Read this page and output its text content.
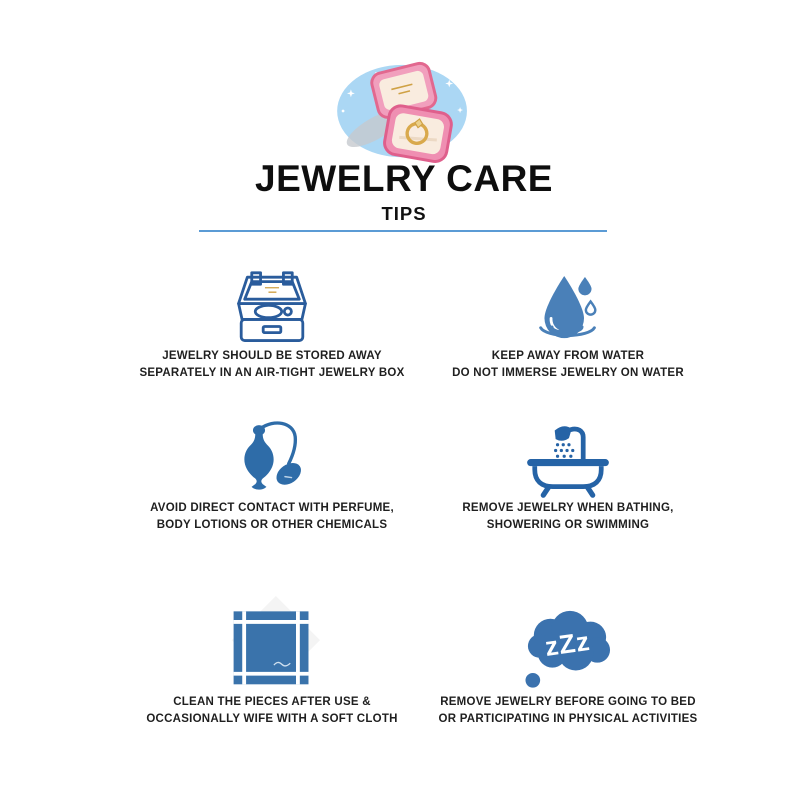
JEWELRY CARE
TIPS
JEWELRY SHOULD BE STORED AWAY
SEPARATELY IN AN AIR-TIGHT JEWELRY BOX
KEEP AWAY FROM WATER
DO NOT IMMERSE JEWELRY ON WATER
AVOID DIRECT CONTACT WITH PERFUME,
BODY LOTIONS OR OTHER CHEMICALS
REMOVE JEWELRY WHEN BATHING,
SHOWERING OR SWIMMING
CLEAN THE PIECES AFTER USE &
OCCASIONALLY WIFE WITH A SOFT CLOTH
zZz
REMOVE JEWELRY BEFORE GOING TO BED
OR PARTICIPATING IN PHYSICAL ACTIVITIES
